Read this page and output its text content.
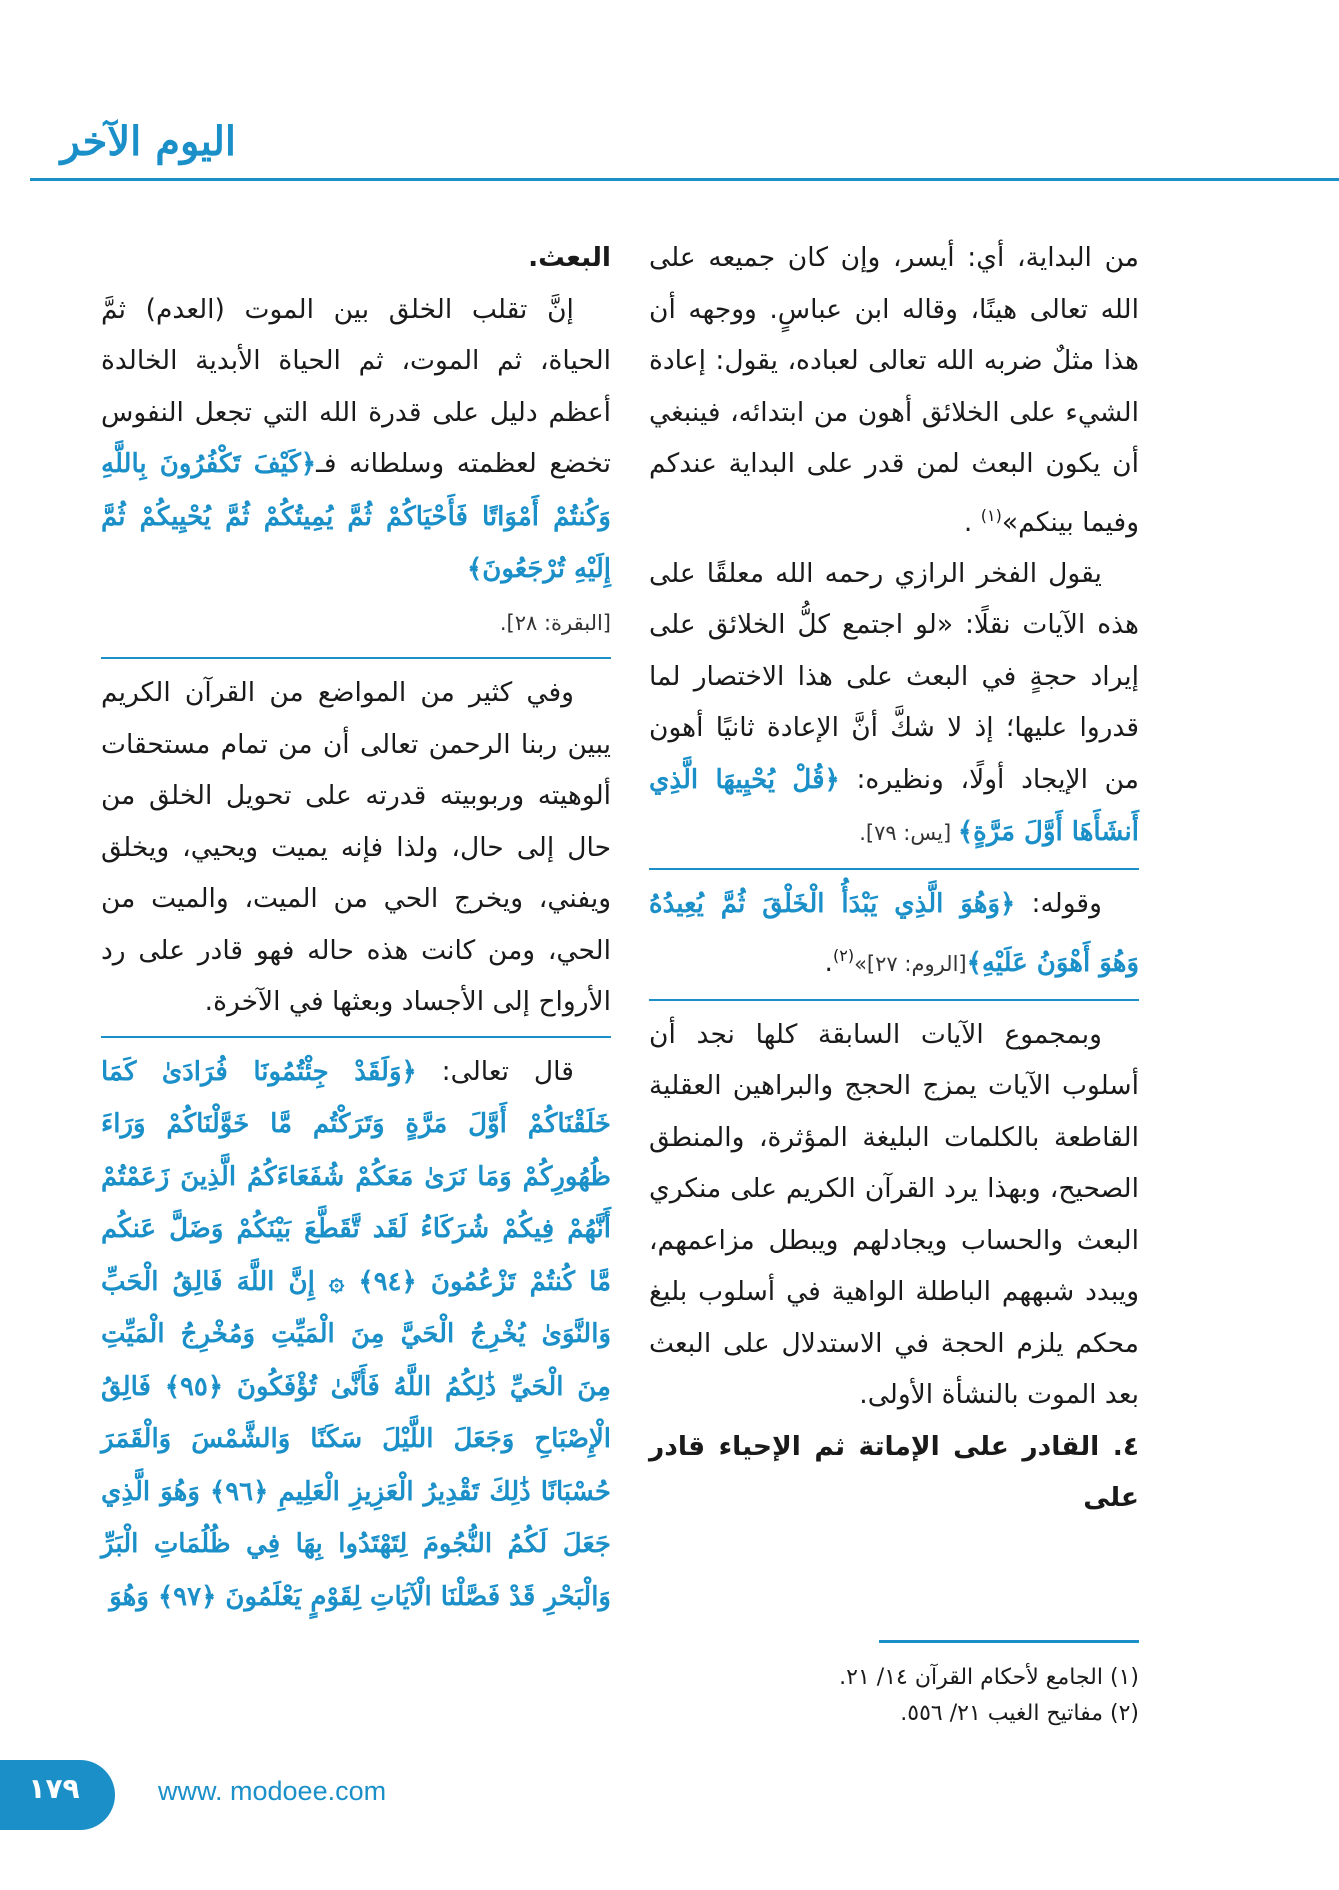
اليوم الآخر

من البداية، أي: أيسر، وإن كان جميعه على الله تعالى هينًا، وقاله ابن عباسٍ. ووجهه أن هذا مثلٌ ضربه الله تعالى لعباده، يقول: إعادة الشيء على الخلائق أهون من ابتدائه، فينبغي أن يكون البعث لمن قدر على البداية عندكم وفيما بينكم»$^{(١)}$ .

يقول الفخر الرازي رحمه الله معلقًا على هذه الآيات نقلًا: «لو اجتمع كلُّ الخلائق على إيراد حجةٍ في البعث على هذا الاختصار لما قدروا عليها؛ إذ لا شكَّ أنَّ الإعادة ثانيًا أهون من الإيجاد أولًا، ونظيره: ﴿قُلْ يُحْيِيهَا الَّذِي أَنشَأَهَا أَوَّلَ مَرَّةٍ﴾ [يس: ٧٩].

وقوله: ﴿وَهُوَ الَّذِي يَبْدَأُ الْخَلْقَ ثُمَّ يُعِيدُهُ وَهُوَ أَهْوَنُ عَلَيْهِ﴾[الروم: ٢٧]»$^{(٢)}$.

وبمجموع الآيات السابقة كلها نجد أن أسلوب الآيات يمزج الحجج والبراهين العقلية القاطعة بالكلمات البليغة المؤثرة، والمنطق الصحيح، وبهذا يرد القرآن الكريم على منكري البعث والحساب ويجادلهم ويبطل مزاعمهم، ويبدد شبههم الباطلة الواهية في أسلوب بليغ محكم يلزم الحجة في الاستدلال على البعث بعد الموت بالنشأة الأولى.

٤. القادر على الإماتة ثم الإحياء قادر على

البعث.

إنَّ تقلب الخلق بين الموت (العدم) ثمَّ الحياة، ثم الموت، ثم الحياة الأبدية الخالدة أعظم دليل على قدرة الله التي تجعل النفوس تخضع لعظمته وسلطانه فـ﴿كَيْفَ تَكْفُرُونَ بِاللَّهِ وَكُنتُمْ أَمْوَاتًا فَأَحْيَاكُمْ ثُمَّ يُمِيتُكُمْ ثُمَّ يُحْيِيكُمْ ثُمَّ إِلَيْهِ تُرْجَعُونَ﴾

[البقرة: ٢٨].

وفي كثير من المواضع من القرآن الكريم يبين ربنا الرحمن تعالى أن من تمام مستحقات ألوهيته وربوبيته قدرته على تحويل الخلق من حال إلى حال، ولذا فإنه يميت ويحيي، ويخلق ويفني، ويخرج الحي من الميت، والميت من الحي، ومن كانت هذه حاله فهو قادر على رد الأرواح إلى الأجساد وبعثها في الآخرة.

قال تعالى: ﴿وَلَقَدْ جِئْتُمُونَا فُرَادَىٰ كَمَا خَلَقْنَاكُمْ أَوَّلَ مَرَّةٍ وَتَرَكْتُم مَّا خَوَّلْنَاكُمْ وَرَاءَ ظُهُورِكُمْ وَمَا نَرَىٰ مَعَكُمْ شُفَعَاءَكُمُ الَّذِينَ زَعَمْتُمْ أَنَّهُمْ فِيكُمْ شُرَكَاءُ لَقَد تَّقَطَّعَ بَيْنَكُمْ وَضَلَّ عَنكُم مَّا كُنتُمْ تَزْعُمُونَ ﴿٩٤﴾ ۞ إِنَّ اللَّهَ فَالِقُ الْحَبِّ وَالنَّوَىٰ يُخْرِجُ الْحَيَّ مِنَ الْمَيِّتِ وَمُخْرِجُ الْمَيِّتِ مِنَ الْحَيِّ ذَٰلِكُمُ اللَّهُ فَأَنَّىٰ تُؤْفَكُونَ ﴿٩٥﴾ فَالِقُ الْإِصْبَاحِ وَجَعَلَ اللَّيْلَ سَكَنًا وَالشَّمْسَ وَالْقَمَرَ حُسْبَانًا ذَٰلِكَ تَقْدِيرُ الْعَزِيزِ الْعَلِيمِ ﴿٩٦﴾ وَهُوَ الَّذِي جَعَلَ لَكُمُ النُّجُومَ لِتَهْتَدُوا بِهَا فِي ظُلُمَاتِ الْبَرِّ وَالْبَحْرِ قَدْ فَصَّلْنَا الْآيَاتِ لِقَوْمٍ يَعْلَمُونَ ﴿٩٧﴾ وَهُوَ

(١) الجامع لأحكام القرآن ١٤/ ٢١.
(٢) مفاتيح الغيب ٢١/ ٥٥٦.
١٧٩	www. modoee.com
